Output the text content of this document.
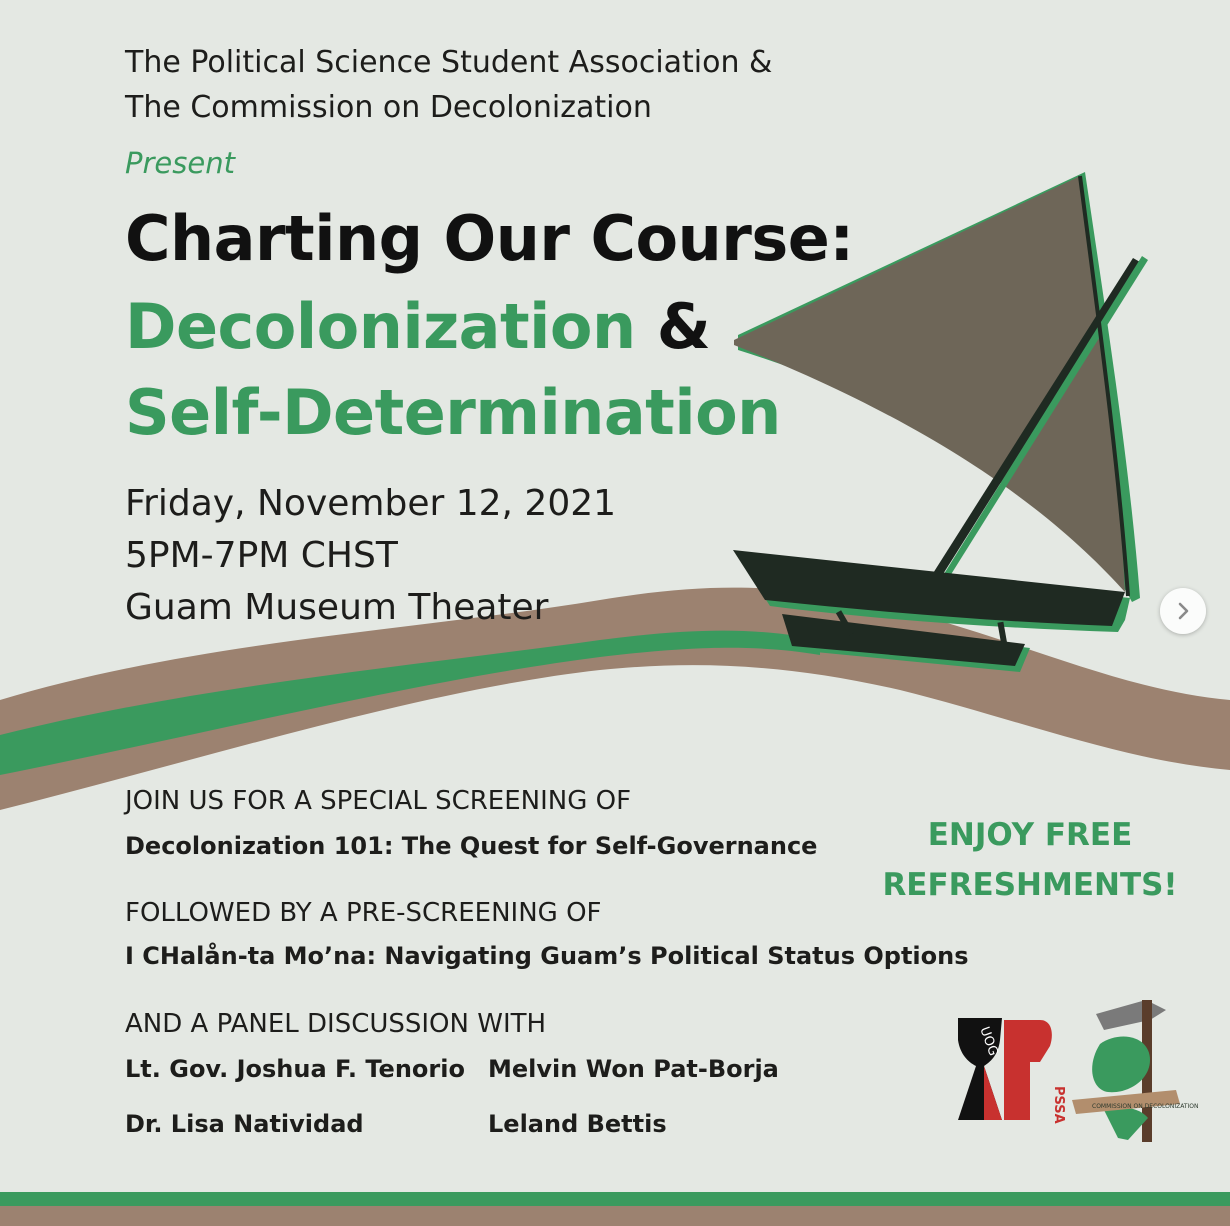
UOG
PSSA	COMMISSION ON DECOLONIZATION
The Political Science Student Association &
The Commission on Decolonization
Present
Charting Our Course:
Decolonization &
Self-Determination
Friday, November 12, 2021
5PM-7PM CHST
Guam Museum Theater
JOIN US FOR A SPECIAL SCREENING OF
Decolonization 101: The Quest for Self-Governance
FOLLOWED BY A PRE-SCREENING OF
I CHalån-ta Mo’na: Navigating Guam’s Political Status Options
AND A PANEL DISCUSSION WITH
Lt. Gov. Joshua F. Tenorio Melvin Won Pat-Borja
Dr. Lisa Natividad	Leland Bettis
ENJOY FREE
REFRESHMENTS!
